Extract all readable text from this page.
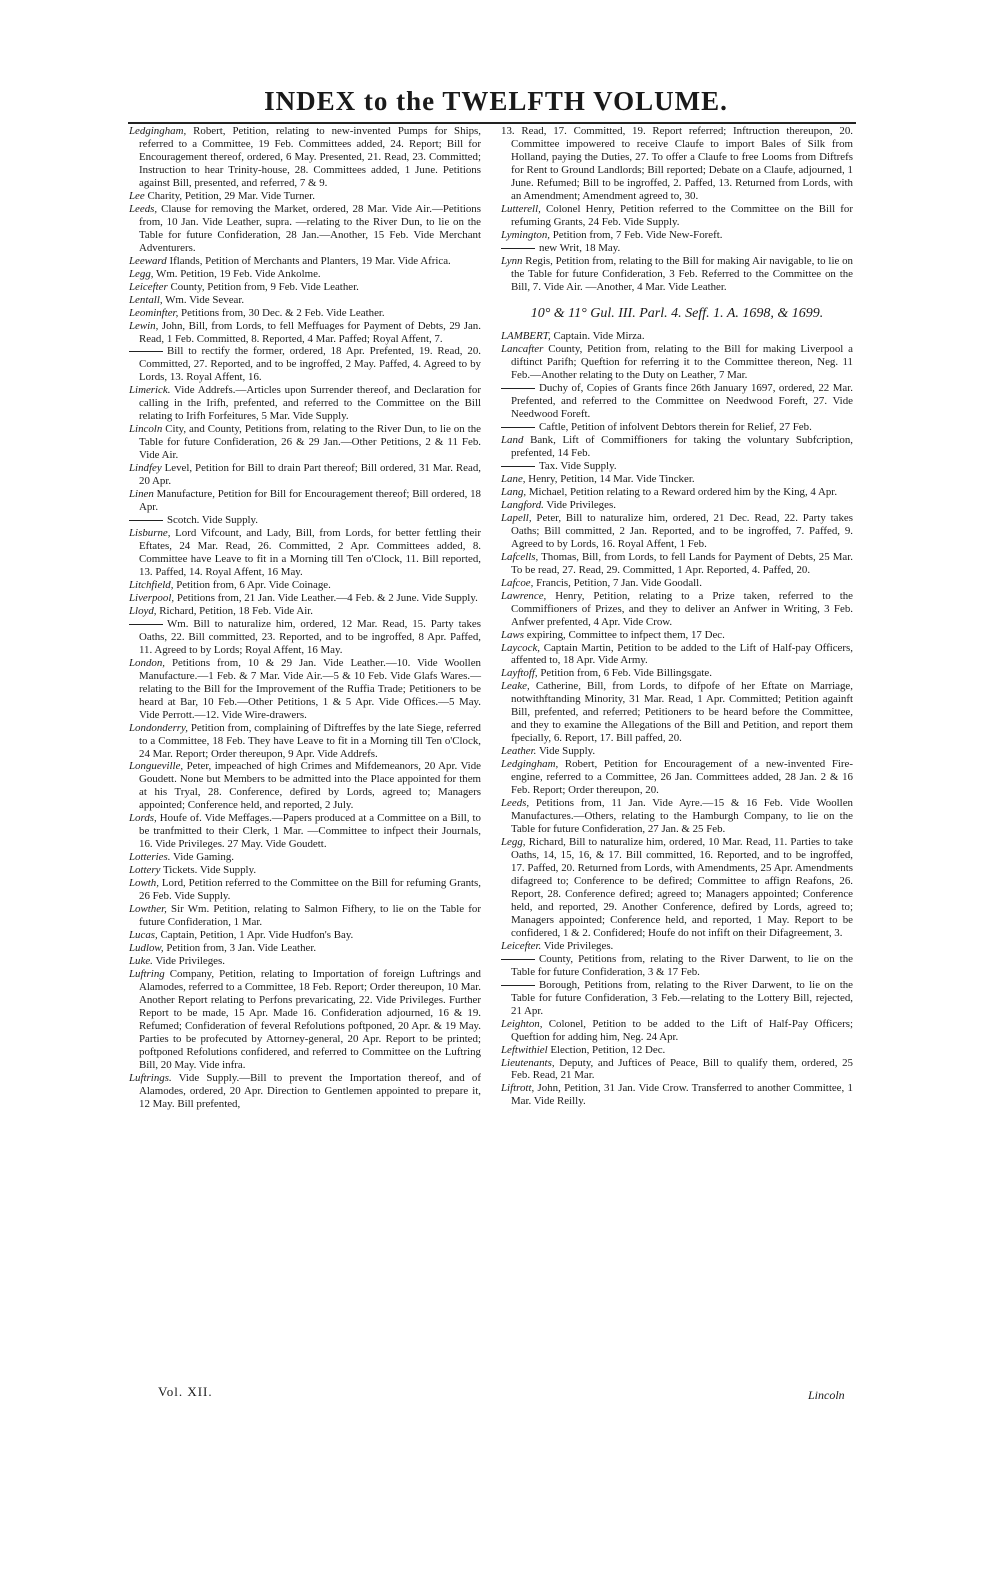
INDEX to the TWELFTH VOLUME.
Ledgingham, Robert, Petition, relating to new-invented Pumps for Ships, referred to a Committee, 19 Feb. Committees added, 24. Report; Bill for Encouragement thereof, ordered, 6 May. Presented, 21. Read, 23. Committed; Instruction to hear Trinity-house, 28. Committees added, 1 June. Petitions against Bill, presented, and referred, 7 & 9.
Lee Charity, Petition, 29 Mar. Vide Turner.
Leeds, Clause for removing the Market, ordered, 28 Mar. Vide Air.—Petitions from, 10 Jan. Vide Leather, supra. —relating to the River Dun, to lie on the Table for future Confideration, 28 Jan.—Another, 15 Feb. Vide Merchant Adventurers.
Leeward Iflands, Petition of Merchants and Planters, 19 Mar. Vide Africa.
Legg, Wm. Petition, 19 Feb. Vide Ankolme.
Leicefter County, Petition from, 9 Feb. Vide Leather.
Lentall, Wm. Vide Sevear.
Leominfter, Petitions from, 30 Dec. & 2 Feb. Vide Leather.
Lewin, John, Bill, from Lords, to fell Meffuages for Payment of Debts, 29 Jan. Read, 1 Feb. Committed, 8. Reported, 4 Mar. Paffed; Royal Affent, 7.
Bill to rectify the former, ordered, 18 Apr. Prefented, 19. Read, 20. Committed, 27. Reported, and to be ingroffed, 2 May. Paffed, 4. Agreed to by Lords, 13. Royal Affent, 16.
Limerick. Vide Addrefs.—Articles upon Surrender thereof, and Declaration for calling in the Irifh, prefented, and referred to the Committee on the Bill relating to Irifh Forfeitures, 5 Mar. Vide Supply.
Lincoln City, and County, Petitions from, relating to the River Dun, to lie on the Table for future Confideration, 26 & 29 Jan.—Other Petitions, 2 & 11 Feb. Vide Air.
Lindfey Level, Petition for Bill to drain Part thereof; Bill ordered, 31 Mar. Read, 20 Apr.
Linen Manufacture, Petition for Bill for Encouragement thereof; Bill ordered, 18 Apr.
Scotch. Vide Supply.
Lisburne, Lord Vifcount, and Lady, Bill, from Lords, for better fettling their Eftates, 24 Mar. Read, 26. Committed, 2 Apr. Committees added, 8. Committee have Leave to fit in a Morning till Ten o'Clock, 11. Bill reported, 13. Paffed, 14. Royal Affent, 16 May.
Litchfield, Petition from, 6 Apr. Vide Coinage.
Liverpool, Petitions from, 21 Jan. Vide Leather.—4 Feb. & 2 June. Vide Supply.
Lloyd, Richard, Petition, 18 Feb. Vide Air.
Wm. Bill to naturalize him, ordered, 12 Mar. Read, 15. Party takes Oaths, 22. Bill committed, 23. Reported, and to be ingroffed, 8 Apr. Paffed, 11. Agreed to by Lords; Royal Affent, 16 May.
London, Petitions from, 10 & 29 Jan. Vide Leather.—10. Vide Woollen Manufacture.—1 Feb. & 7 Mar. Vide Air.—5 & 10 Feb. Vide Glafs Wares.—relating to the Bill for the Improvement of the Ruffia Trade; Petitioners to be heard at Bar, 10 Feb.—Other Petitions, 1 & 5 Apr. Vide Offices.—5 May. Vide Perrott.—12. Vide Wire-drawers.
Londonderry, Petition from, complaining of Diftreffes by the late Siege, referred to a Committee, 18 Feb. They have Leave to fit in a Morning till Ten o'Clock, 24 Mar. Report; Order thereupon, 9 Apr. Vide Addrefs.
Longueville, Peter, impeached of high Crimes and Mifdemeanors, 20 Apr. Vide Goudett. None but Members to be admitted into the Place appointed for them at his Tryal, 28. Conference, defired by Lords, agreed to; Managers appointed; Conference held, and reported, 2 July.
Lords, Houfe of. Vide Meffages.—Papers produced at a Committee on a Bill, to be tranfmitted to their Clerk, 1 Mar. —Committee to infpect their Journals, 16. Vide Privileges. 27 May. Vide Goudett.
Lotteries. Vide Gaming.
Lottery Tickets. Vide Supply.
Lowth, Lord, Petition referred to the Committee on the Bill for refuming Grants, 26 Feb. Vide Supply.
Lowther, Sir Wm. Petition, relating to Salmon Fifhery, to lie on the Table for future Confideration, 1 Mar.
Lucas, Captain, Petition, 1 Apr. Vide Hudfon's Bay.
Ludlow, Petition from, 3 Jan. Vide Leather.
Luke. Vide Privileges.
Luftring Company, Petition, relating to Importation of foreign Luftrings and Alamodes, referred to a Committee, 18 Feb. Report; Order thereupon, 10 Mar. Another Report relating to Perfons prevaricating, 22. Vide Privileges. Further Report to be made, 15 Apr. Made 16. Confideration adjourned, 16 & 19. Refumed; Confideration of feveral Refolutions poftponed, 20 Apr. & 19 May. Parties to be profecuted by Attorney-general, 20 Apr. Report to be printed; poftponed Refolutions confidered, and referred to Committee on the Luftring Bill, 20 May. Vide infra.
Luftrings. Vide Supply.—Bill to prevent the Importation thereof, and of Alamodes, ordered, 20 Apr. Direction to Gentlemen appointed to prepare it, 12 May. Bill prefented,
13. Read, 17. Committed, 19. Report referred; Inftruction thereupon, 20. Committee impowered to receive Claufe to import Bales of Silk from Holland, paying the Duties, 27. To offer a Claufe to free Looms from Diftrefs for Rent to Ground Landlords; Bill reported; Debate on a Claufe, adjourned, 1 June. Refumed; Bill to be ingroffed, 2. Paffed, 13. Returned from Lords, with an Amendment; Amendment agreed to, 30.
Lutterell, Colonel Henry, Petition referred to the Committee on the Bill for refuming Grants, 24 Feb. Vide Supply.
Lymington, Petition from, 7 Feb. Vide New-Foreft.
new Writ, 18 May.
Lynn Regis, Petition from, relating to the Bill for making Air navigable, to lie on the Table for future Confideration, 3 Feb. Referred to the Committee on the Bill, 7. Vide Air. —Another, 4 Mar. Vide Leather.
10° & 11° Gul. III. Parl. 4. Seff. 1. A. 1698, & 1699.
LAMBERT, Captain. Vide Mirza.
Lancafter County, Petition from, relating to the Bill for making Liverpool a diftinct Parifh; Queftion for referring it to the Committee thereon, Neg. 11 Feb.—Another relating to the Duty on Leather, 7 Mar.
Duchy of, Copies of Grants fince 26th January 1697, ordered, 22 Mar. Prefented, and referred to the Committee on Needwood Foreft, 27. Vide Needwood Foreft.
Caftle, Petition of infolvent Debtors therein for Relief, 27 Feb.
Land Bank, Lift of Commiffioners for taking the voluntary Subfcription, prefented, 14 Feb.
Tax. Vide Supply.
Lane, Henry, Petition, 14 Mar. Vide Tincker.
Lang, Michael, Petition relating to a Reward ordered him by the King, 4 Apr.
Langford. Vide Privileges.
Lapell, Peter, Bill to naturalize him, ordered, 21 Dec. Read, 22. Party takes Oaths; Bill committed, 2 Jan. Reported, and to be ingroffed, 7. Paffed, 9. Agreed to by Lords, 16. Royal Affent, 1 Feb.
Lafcells, Thomas, Bill, from Lords, to fell Lands for Payment of Debts, 25 Mar. To be read, 27. Read, 29. Committed, 1 Apr. Reported, 4. Paffed, 20.
Lafcoe, Francis, Petition, 7 Jan. Vide Goodall.
Lawrence, Henry, Petition, relating to a Prize taken, referred to the Commiffioners of Prizes, and they to deliver an Anfwer in Writing, 3 Feb. Anfwer prefented, 4 Apr. Vide Crow.
Laws expiring, Committee to infpect them, 17 Dec.
Laycock, Captain Martin, Petition to be added to the Lift of Half-pay Officers, affented to, 18 Apr. Vide Army.
Layftoff, Petition from, 6 Feb. Vide Billingsgate.
Leake, Catherine, Bill, from Lords, to difpofe of her Eftate on Marriage, notwithftanding Minority, 31 Mar. Read, 1 Apr. Committed; Petition againft Bill, prefented, and referred; Petitioners to be heard before the Committee, and they to examine the Allegations of the Bill and Petition, and report them fpecially, 6. Report, 17. Bill paffed, 20.
Leather. Vide Supply.
Ledgingham, Robert, Petition for Encouragement of a new-invented Fire-engine, referred to a Committee, 26 Jan. Committees added, 28 Jan. 2 & 16 Feb. Report; Order thereupon, 20.
Leeds, Petitions from, 11 Jan. Vide Ayre.—15 & 16 Feb. Vide Woollen Manufactures.—Others, relating to the Hamburgh Company, to lie on the Table for future Confideration, 27 Jan. & 25 Feb.
Legg, Richard, Bill to naturalize him, ordered, 10 Mar. Read, 11. Parties to take Oaths, 14, 15, 16, & 17. Bill committed, 16. Reported, and to be ingroffed, 17. Paffed, 20. Returned from Lords, with Amendments, 25 Apr. Amendments difagreed to; Conference to be defired; Committee to affign Reafons, 26. Report, 28. Conference defired; agreed to; Managers appointed; Conference held, and reported, 29. Another Conference, defired by Lords, agreed to; Managers appointed; Conference held, and reported, 1 May. Report to be confidered, 1 & 2. Confidered; Houfe do not infift on their Difagreement, 3.
Leicefter. Vide Privileges.
County, Petitions from, relating to the River Darwent, to lie on the Table for future Confideration, 3 & 17 Feb.
Borough, Petitions from, relating to the River Darwent, to lie on the Table for future Confideration, 3 Feb.—relating to the Lottery Bill, rejected, 21 Apr.
Leighton, Colonel, Petition to be added to the Lift of Half-Pay Officers; Queftion for adding him, Neg. 24 Apr.
Leftwithiel Election, Petition, 12 Dec.
Lieutenants, Deputy, and Juftices of Peace, Bill to qualify them, ordered, 25 Feb. Read, 21 Mar.
Liftrott, John, Petition, 31 Jan. Vide Crow. Transferred to another Committee, 1 Mar. Vide Reilly.
Vol. XII.	Lincoln
